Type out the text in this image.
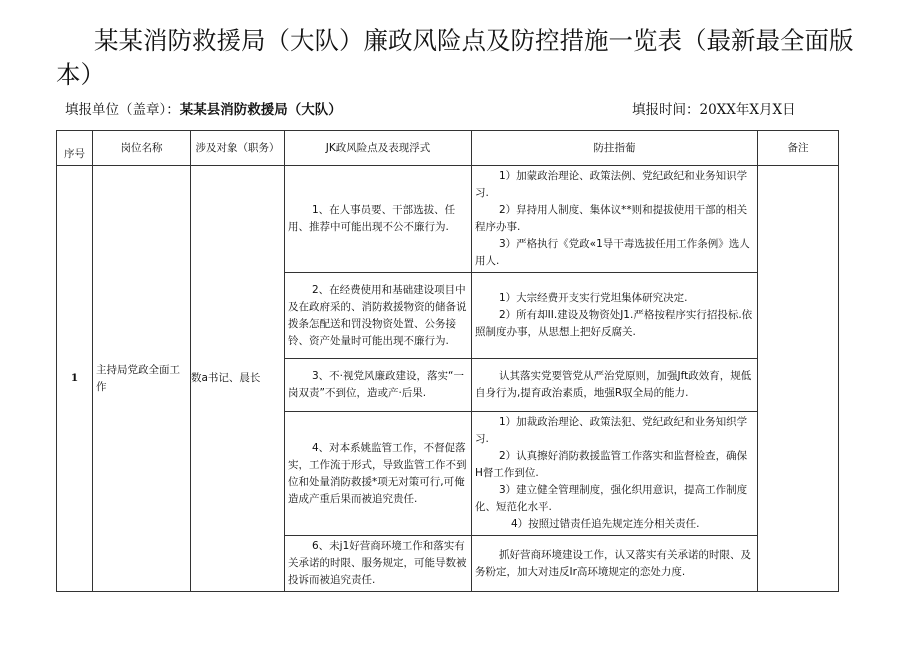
某某消防救援局（大队）廉政风险点及防控措施一览表（最新最全面版本）
填报单位（盖章）：某某县消防救援局（大队）	填报时间：20XX年X月X日
序号	岗位名称	涉及对象（职务）	JK政风险点及表现浮式	防拄指葡	备注
1	主持局党政全面工作	数a书记、晨长	1、在人事员要、干部选拔、任用、推荐中可能出现不公不廉行为.	1）加蒙政治理论、政策法例、党纪政纪和业务知识学习.

2）舁持用人制度、集体议**则和提拔使用干部的相关程序办事.

3）严格执行《党政«1导干毒选拔任用工作条例》选人用人.	

			2、在经费使用和基础建设项目中及在政府采的、消防救援物资的储备说拨条怎配送和罚没物资处置、公务接铃、资产处量时可能出现不廉行为.	1）大宗经费开支实行党坦集体研究决定.

2）所有却II.建设及物资处J1.严格按程序实行招投标.依照制度办事，从思想上把好反腐关.	

			3、不·视党风廉政建设，落实“一岗双责”不到位，造或产·后果.	认其落实党要管党从严治党原则，加强Jft政效育，规低自身行为,提育政治素质，地强R驭全局的能力.	

			4、对本系姚监管工作，不督促落实，工作流于形式，导致监管工作不到位和处量消防救援*项无对策可行,可俺造成产重后果而被追究贵任.	1）加裁政治理论、政策法犯、党纪政纪和业务知织学习.

2）认真擦好消防救援监管工作落实和监督检查，确保H督工作到位.

3）建立健全管理制度，强化织用意识，提高工作制度化、短范化水平.

4）按照过错责任追先规定连分相关责任.	

			6、未j1好营商环境工作和落实有关承诺的时限、服务规定，可能导数被投诉而被追究责任.	抓好营商环境建设工作，认又落实有关承诺的时限、及务粉定，加大对违反Ir高环境规定的恋处力度.	
